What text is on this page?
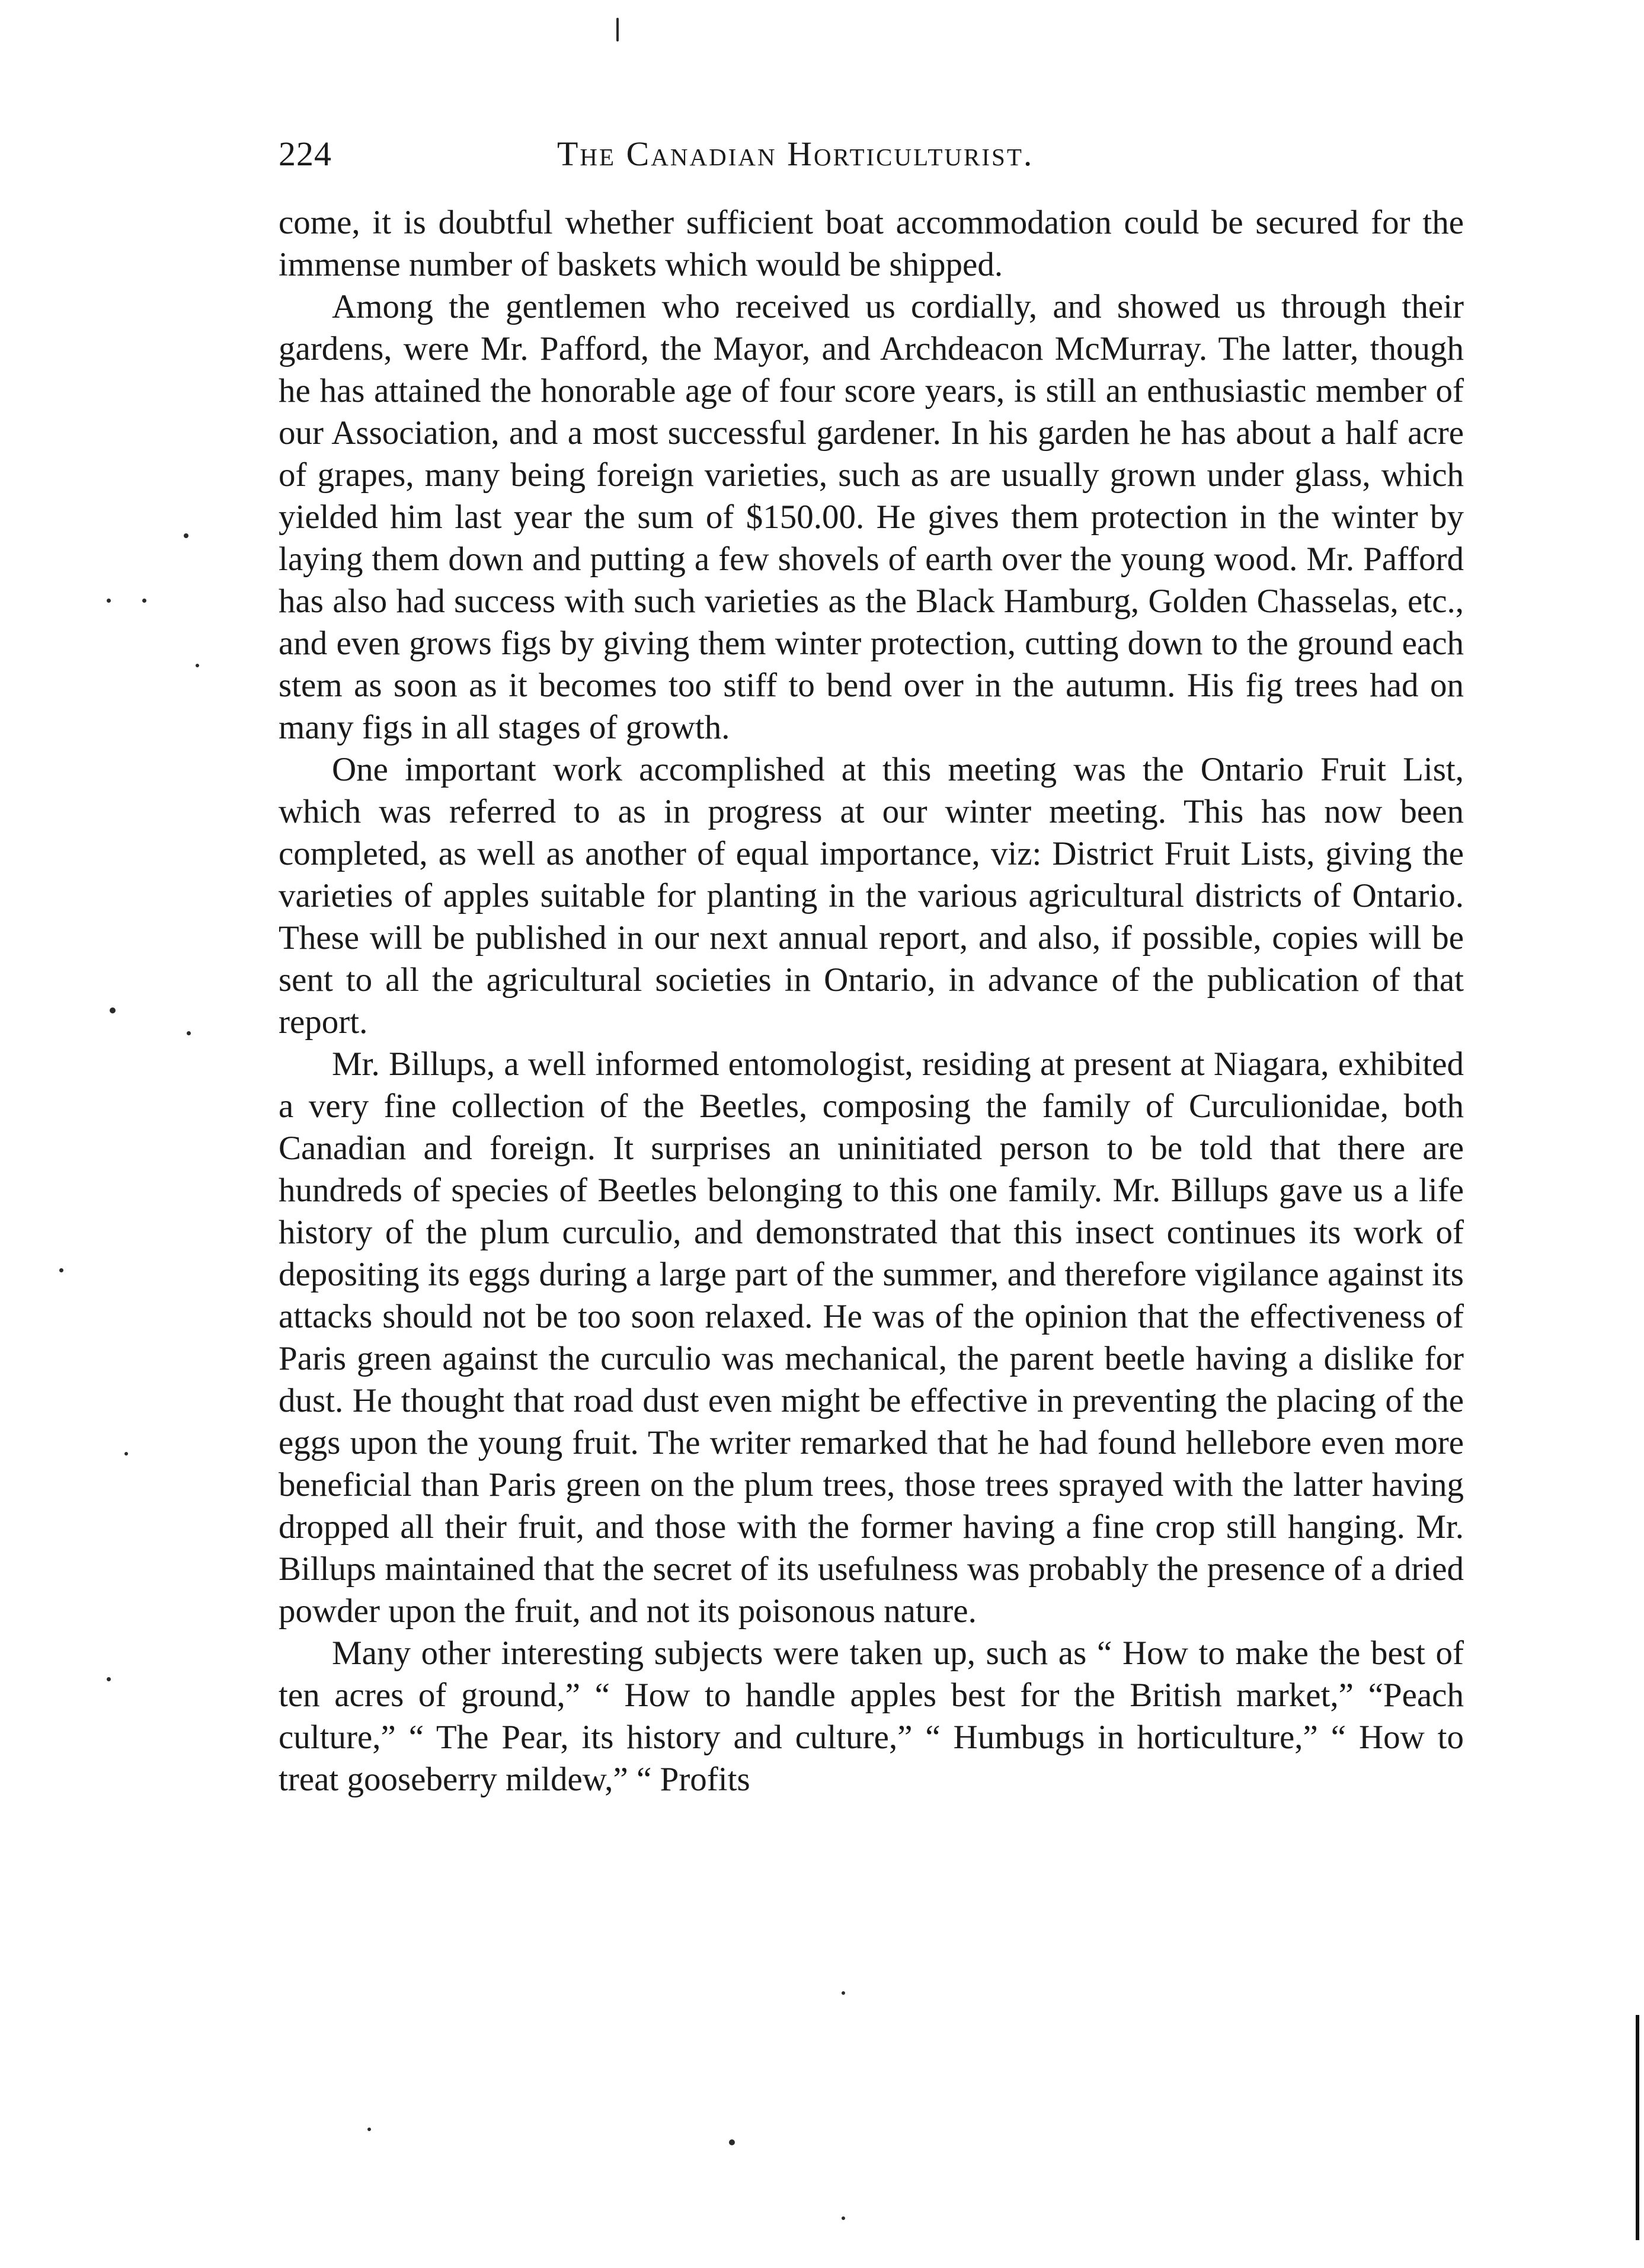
224	The Canadian Horticulturist.

come, it is doubtful whether sufficient boat accommodation could be secured for the immense number of baskets which would be shipped.

Among the gentlemen who received us cordially, and showed us through their gardens, were Mr. Pafford, the Mayor, and Archdeacon McMurray. The latter, though he has attained the honorable age of four score years, is still an enthusiastic member of our Association, and a most successful gardener. In his garden he has about a half acre of grapes, many being foreign varieties, such as are usually grown under glass, which yielded him last year the sum of $150.00. He gives them protection in the winter by laying them down and putting a few shovels of earth over the young wood. Mr. Pafford has also had success with such varieties as the Black Hamburg, Golden Chasselas, etc., and even grows figs by giving them winter protection, cutting down to the ground each stem as soon as it becomes too stiff to bend over in the autumn. His fig trees had on many figs in all stages of growth.

One important work accomplished at this meeting was the Ontario Fruit List, which was referred to as in progress at our winter meeting. This has now been completed, as well as another of equal importance, viz: District Fruit Lists, giving the varieties of apples suitable for planting in the various agricultural districts of Ontario. These will be published in our next annual report, and also, if possible, copies will be sent to all the agricultural societies in Ontario, in advance of the publication of that report.

Mr. Billups, a well informed entomologist, residing at present at Niagara, exhibited a very fine collection of the Beetles, composing the family of Curculionidae, both Canadian and foreign. It surprises an uninitiated person to be told that there are hundreds of species of Beetles belonging to this one family. Mr. Billups gave us a life history of the plum curculio, and demonstrated that this insect continues its work of depositing its eggs during a large part of the summer, and therefore vigilance against its attacks should not be too soon relaxed. He was of the opinion that the effectiveness of Paris green against the curculio was mechanical, the parent beetle having a dislike for dust. He thought that road dust even might be effective in preventing the placing of the eggs upon the young fruit. The writer remarked that he had found hellebore even more beneficial than Paris green on the plum trees, those trees sprayed with the latter having dropped all their fruit, and those with the former having a fine crop still hanging. Mr. Billups maintained that the secret of its usefulness was probably the presence of a dried powder upon the fruit, and not its poisonous nature.

Many other interesting subjects were taken up, such as “ How to make the best of ten acres of ground,” “ How to handle apples best for the British market,” “Peach culture,” “ The Pear, its history and culture,” “ Humbugs in horticulture,” “ How to treat gooseberry mildew,” “ Profits
